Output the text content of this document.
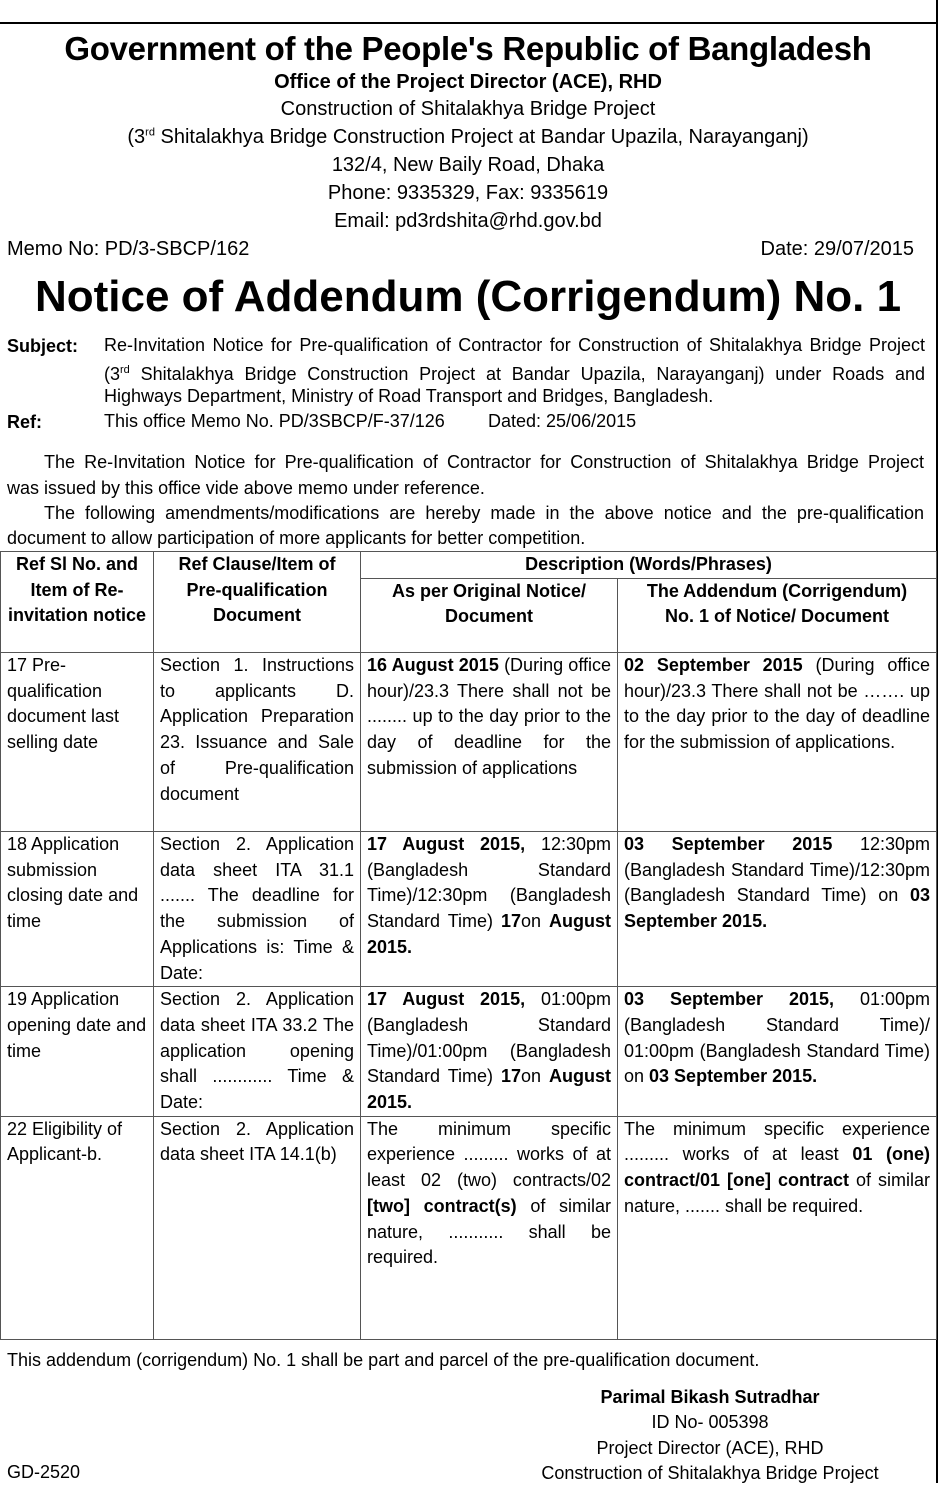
Government of the People's Republic of Bangladesh
Office of the Project Director (ACE), RHD
Construction of Shitalakhya Bridge Project
(3rd Shitalakhya Bridge Construction Project at Bandar Upazila, Narayanganj)
132/4, New Baily Road, Dhaka
Phone: 9335329, Fax: 9335619
Email: pd3rdshita@rhd.gov.bd
Memo No: PD/3-SBCP/162	Date: 29/07/2015
Notice of Addendum (Corrigendum) No. 1
Subject: Re-Invitation Notice for Pre-qualification of Contractor for Construction of Shitalakhya Bridge Project
(3rd Shitalakhya Bridge Construction Project at Bandar Upazila, Narayanganj) under Roads and
Highways Department, Ministry of Road Transport and Bridges, Bangladesh.
Ref:	This office Memo No. PD/3SBCP/F-37/126 Dated: 25/06/2015
The Re-Invitation Notice for Pre-qualification of Contractor for Construction of Shitalakhya Bridge Project
was issued by this office vide above memo under reference.
The following amendments/modifications are hereby made in the above notice and the pre-qualification
document to allow participation of more applicants for better competition.
Ref Sl No. and Item of Re-invitation notice	Ref Clause/Item of Pre-qualification Document	Description (Words/Phrases)	
		As per Original Notice/ Document	The Addendum (Corrigendum) No. 1 of Notice/ Document
17 Pre-qualification document last selling date	Section 1. Instructions to applicants D. Application Preparation 23. Issuance and Sale of Pre-qualification document	16 August 2015 (During office hour)/23.3 There shall not be ........ up to the day prior to the day of deadline for the submission of applications	02 September 2015 (During office hour)/23.3 There shall not be ……. up to the day prior to the day of deadline for the submission of applications.
18 Application submission closing date and time	Section 2. Application data sheet ITA 31.1 ....... The deadline for the submission of Applications is: Time & Date:	17 August 2015, 12:30pm (Bangladesh Standard Time)/12:30pm (Bangladesh Standard Time) 17on August 2015.	03 September 2015 12:30pm (Bangladesh Standard Time)/12:30pm (Bangladesh Standard Time) on 03 September 2015.
19 Application opening date and time	Section 2. Application data sheet ITA 33.2 The application opening shall ............ Time & Date:	17 August 2015, 01:00pm (Bangladesh Standard Time)/01:00pm (Bangladesh Standard Time) 17on August 2015.	03 September 2015, 01:00pm (Bangladesh Standard Time)/ 01:00pm (Bangladesh Standard Time) on 03 September 2015.
22 Eligibility of Applicant-b.	Section 2. Application data sheet ITA 14.1(b)	The minimum specific experience ......... works of at least 02 (two) contracts/02 [two] contract(s) of similar nature, ........... shall be required.	The minimum specific experience ......... works of at least 01 (one) contract/01 [one] contract of similar nature, ....... shall be required.
This addendum (corrigendum) No. 1 shall be part and parcel of the pre-qualification document.
Parimal Bikash Sutradhar
ID No- 005398
Project Director (ACE), RHD
Construction of Shitalakhya Bridge Project
GD-2520
